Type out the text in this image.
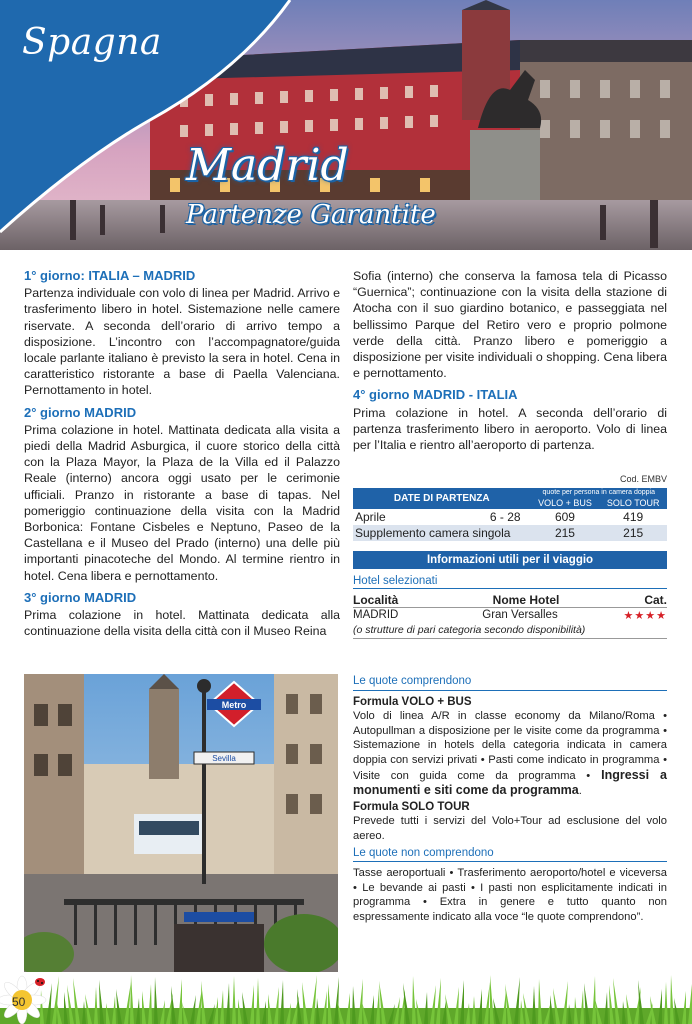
Spagna
Madrid
Partenze Garantite
1° giorno: ITALIA – MADRID
Partenza individuale con volo di linea per Madrid. Arrivo e trasferimento libero in hotel. Sistemazione nelle camere riservate. A seconda dell’orario di arrivo tempo a disposizione. L’incontro con l’accompagnatore/guida locale parlante italiano è previsto la sera in hotel. Cena in caratteristico ristorante a base di Paella Valenciana. Pernottamento in hotel.
2° giorno MADRID
Prima colazione in hotel. Mattinata dedicata alla visita a piedi della Madrid Asburgica, il cuore storico della città con la Plaza Mayor, la Plaza de la Villa ed il Palazzo Reale (interno) ancora oggi usato per le cerimonie ufficiali. Pranzo in ristorante a base di tapas. Nel pomeriggio continuazione della visita con la Madrid Borbonica: Fontane Cisbeles e Neptuno, Paseo de la Castellana e il Museo del Prado (interno) una delle più importanti pinacoteche del Mondo. Al termine rientro in hotel. Cena libera e pernottamento.
3° giorno MADRID
Prima colazione in hotel. Mattinata dedicata alla continuazione della visita della città con il Museo Reina
Sofia (interno) che conserva la famosa tela di Picasso “Guernica”; continuazione con la visita della stazione di Atocha con il suo giardino botanico, e passeggiata nel bellissimo Parque del Retiro vero e proprio polmone verde della città. Pranzo libero e pomeriggio a disposizione per visite individuali o shopping. Cena libera e pernottamento.
4° giorno MADRID - ITALIA
Prima colazione in hotel. A seconda dell’orario di partenza trasferimento libero in aeroporto. Volo di linea per l’Italia e rientro all’aeroporto di partenza.
Cod. EMBV
DATE DI PARTENZA		quote per persona in camera doppia	
		VOLO + BUS	SOLO TOUR
Aprile	6 - 28	609	419
Supplemento camera singola		215	215
Informazioni utili per il viaggio
Hotel selezionati
Località	Nome Hotel	Cat.
MADRID	Gran Versalles	★★★★
(o strutture di pari categoria secondo disponibilità)
Le quote comprendono
Formula VOLO + BUS
Volo di linea A/R in classe economy da Milano/Roma • Autopullman a disposizione per le visite come da programma • Sistemazione in hotels della categoria indicata in camera doppia con servizi privati • Pasti come indicato in programma • Visite con guida come da programma • Ingressi a monumenti e siti come da programma.
Formula SOLO TOUR
Prevede tutti i servizi del Volo+Tour ad esclusione del volo aereo.
Le quote non comprendono
Tasse aeroportuali • Trasferimento aeroporto/hotel e viceversa • Le bevande ai pasti • I pasti non esplicitamente indicati in programma • Extra in genere e tutto quanto non espressamente indicato alla voce “le quote comprendono”.
Metro
Sevilla
50
